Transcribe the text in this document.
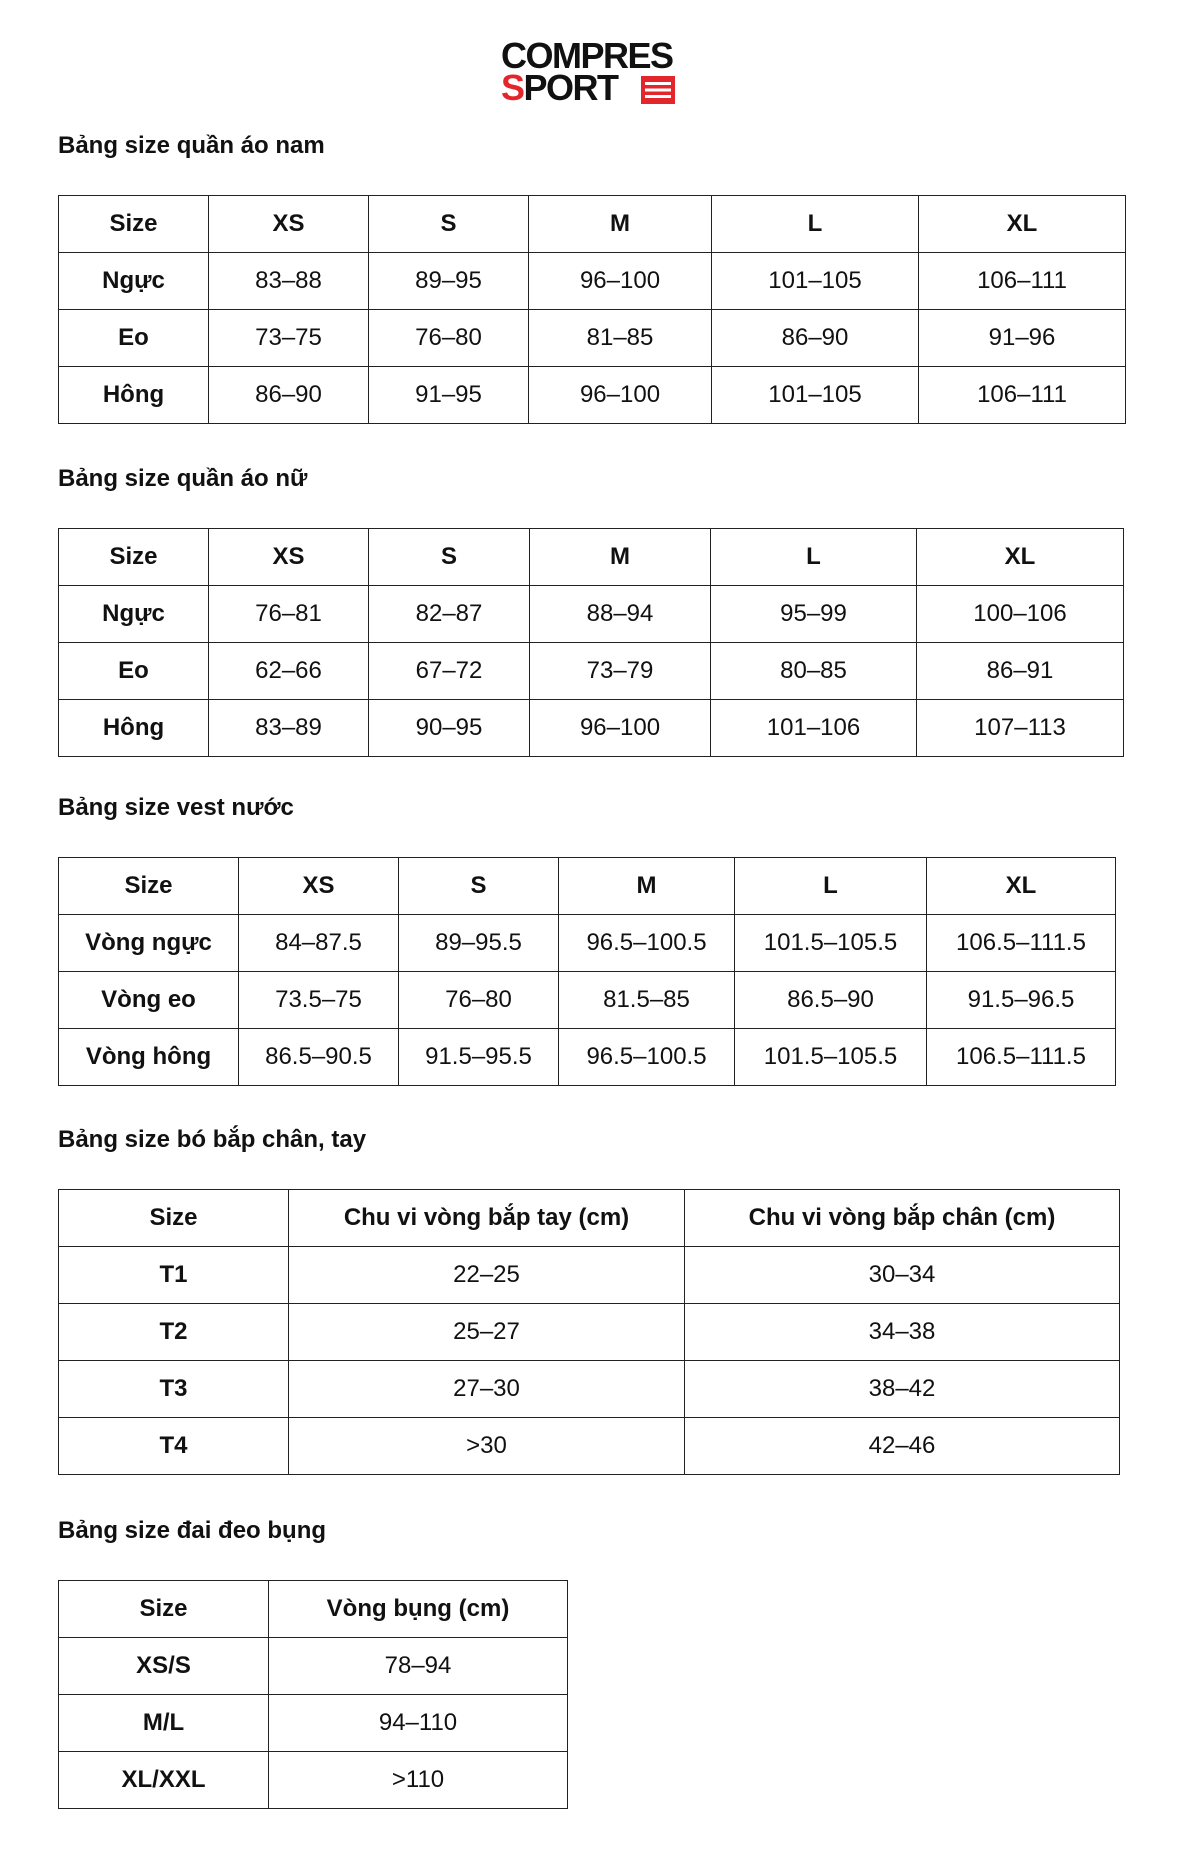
COMPRES
SPORT
Bảng size quần áo nam
Size	XS	S	M	L	XL
Ngực	83–88	89–95	96–100	101–105	106–111
Eo	73–75	76–80	81–85	86–90	91–96
Hông	86–90	91–95	96–100	101–105	106–111
Bảng size quần áo nữ
Size	XS	S	M	L	XL
Ngực	76–81	82–87	88–94	95–99	100–106
Eo	62–66	67–72	73–79	80–85	86–91
Hông	83–89	90–95	96–100	101–106	107–113
Bảng size vest nước
Size	XS	S	M	L	XL
Vòng ngực	84–87.5	89–95.5	96.5–100.5	101.5–105.5	106.5–111.5
Vòng eo	73.5–75	76–80	81.5–85	86.5–90	91.5–96.5
Vòng hông	86.5–90.5	91.5–95.5	96.5–100.5	101.5–105.5	106.5–111.5
Bảng size bó bắp chân, tay
Size	Chu vi vòng bắp tay (cm)	Chu vi vòng bắp chân (cm)
T1	22–25	30–34
T2	25–27	34–38
T3	27–30	38–42
T4	>30	42–46
Bảng size đai đeo bụng
Size	Vòng bụng (cm)
XS/S	78–94
M/L	94–110
XL/XXL	>110
